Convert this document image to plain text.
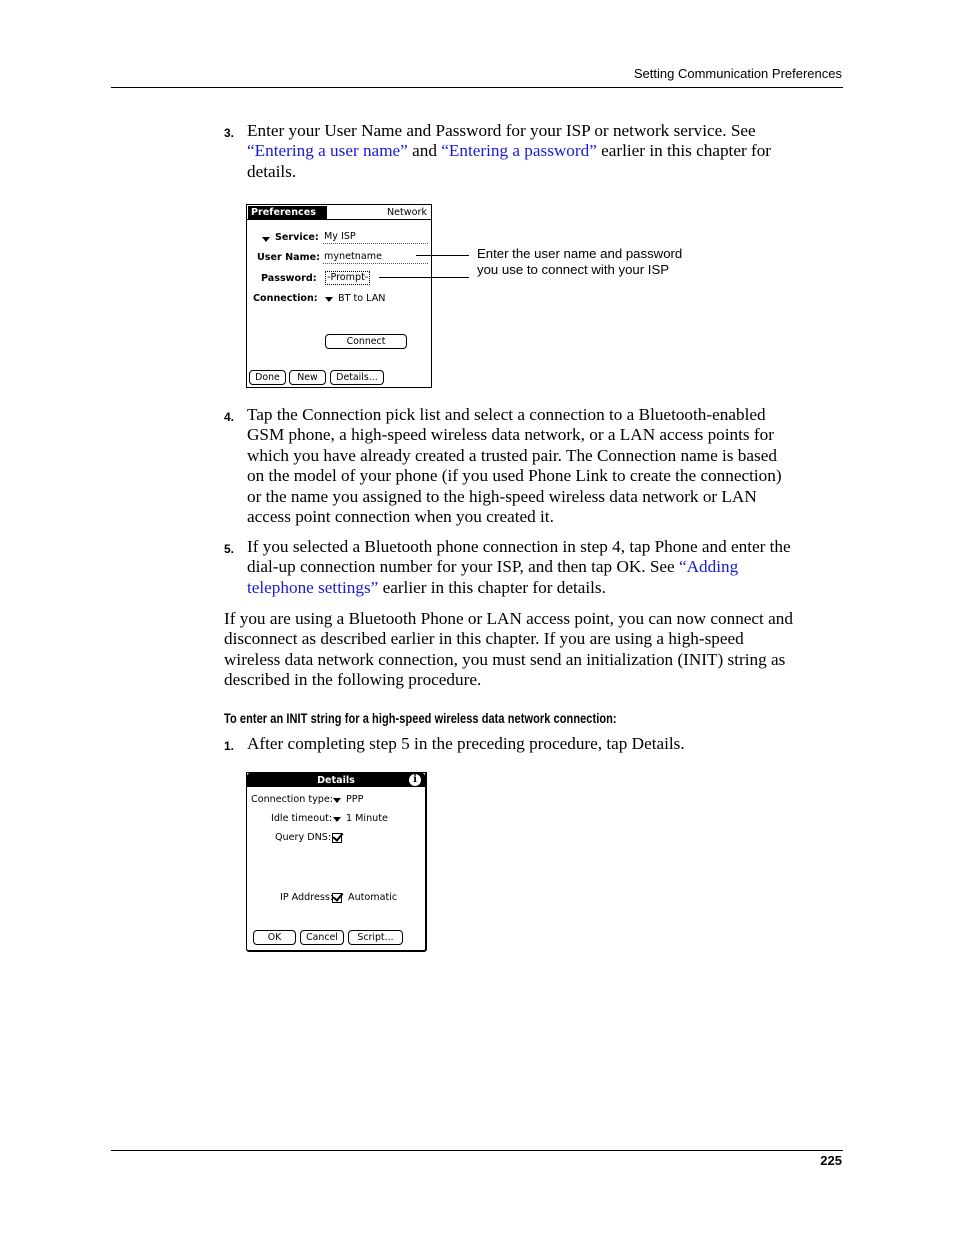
Setting Communication Preferences
3. Enter your User Name and Password for your ISP or network service. See
“Entering a user name” and “Entering a password” earlier in this chapter for
details.
Preferences	Network
Service: My ISP
User Name: mynetname
Password: -Prompt-
Connection: BT to LAN
Connect
Done	New	Details...
Enter the user name and password
you use to connect with your ISP
4. Tap the Connection pick list and select a connection to a Bluetooth-enabled
GSM phone, a high-speed wireless data network, or a LAN access points for
which you have already created a trusted pair. The Connection name is based
on the model of your phone (if you used Phone Link to create the connection)
or the name you assigned to the high-speed wireless data network or LAN
access point connection when you created it.
5. If you selected a Bluetooth phone connection in step 4, tap Phone and enter the
dial-up connection number for your ISP, and then tap OK. See “Adding
telephone settings” earlier in this chapter for details.
If you are using a Bluetooth Phone or LAN access point, you can now connect and
disconnect as described earlier in this chapter. If you are using a high-speed
wireless data network connection, you must send an initialization (INIT) string as
described in the following procedure.
To enter an INIT string for a high-speed wireless data network connection:
1. After completing step 5 in the preceding procedure, tap Details.
Details	i
Connection type: PPP
Idle timeout: 1 Minute
Query DNS:
IP Address: Automatic
OK	Cancel	Script...
225
